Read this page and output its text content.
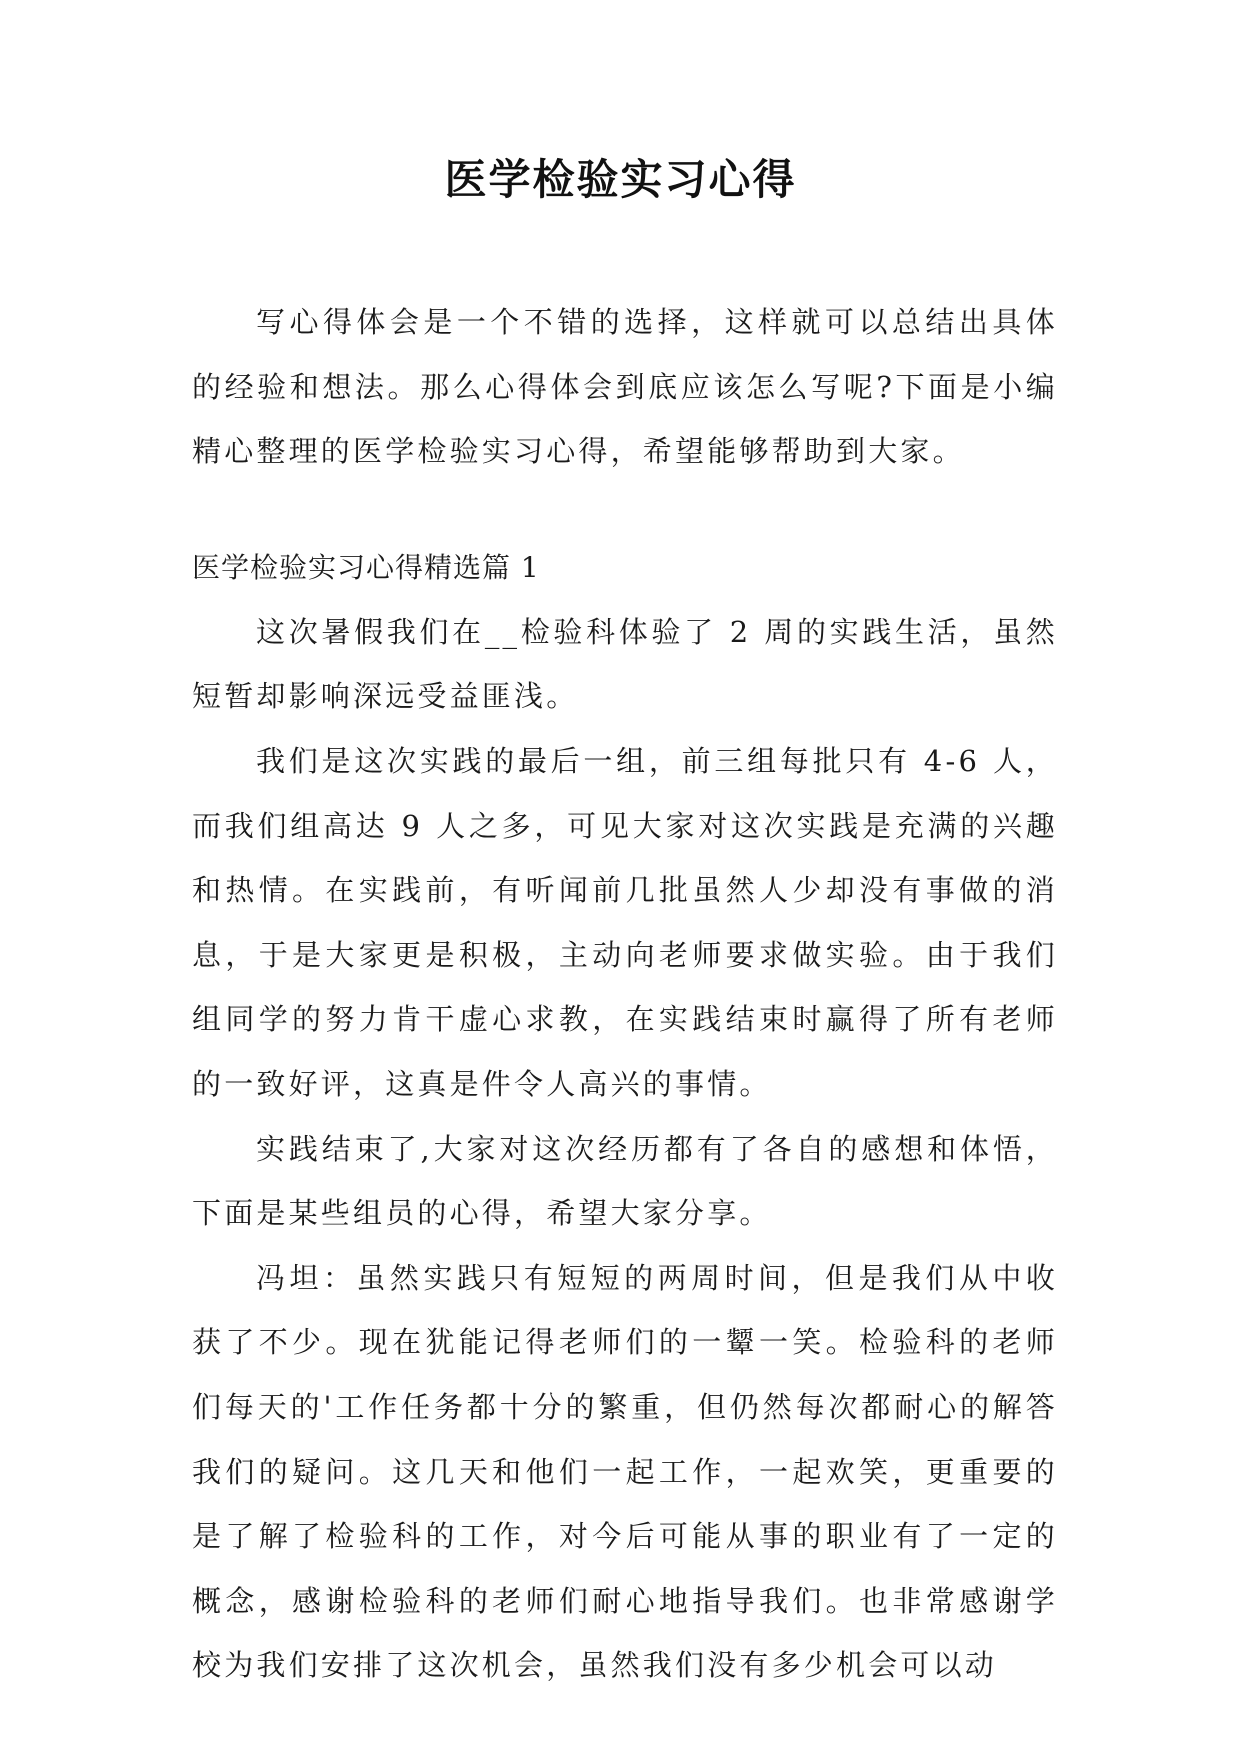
医学检验实习心得

写心得体会是一个不错的选择，这样就可以总结出具体的经验和想法。那么心得体会到底应该怎么写呢?下面是小编精心整理的医学检验实习心得，希望能够帮助到大家。

医学检验实习心得精选篇 1

这次暑假我们在__检验科体验了 2 周的实践生活，虽然短暂却影响深远受益匪浅。

我们是这次实践的最后一组，前三组每批只有 4-6 人，而我们组高达 9 人之多，可见大家对这次实践是充满的兴趣和热情。在实践前，有听闻前几批虽然人少却没有事做的消息，于是大家更是积极，主动向老师要求做实验。由于我们组同学的努力肯干虚心求教，在实践结束时赢得了所有老师的一致好评，这真是件令人高兴的事情。

实践结束了,大家对这次经历都有了各自的感想和体悟，下面是某些组员的心得，希望大家分享。

冯坦：虽然实践只有短短的两周时间，但是我们从中收获了不少。现在犹能记得老师们的一颦一笑。检验科的老师们每天的'工作任务都十分的繁重，但仍然每次都耐心的解答我们的疑问。这几天和他们一起工作，一起欢笑，更重要的是了解了检验科的工作，对今后可能从事的职业有了一定的概念，感谢检验科的老师们耐心地指导我们。也非常感谢学校为我们安排了这次机会，虽然我们没有多少机会可以动
